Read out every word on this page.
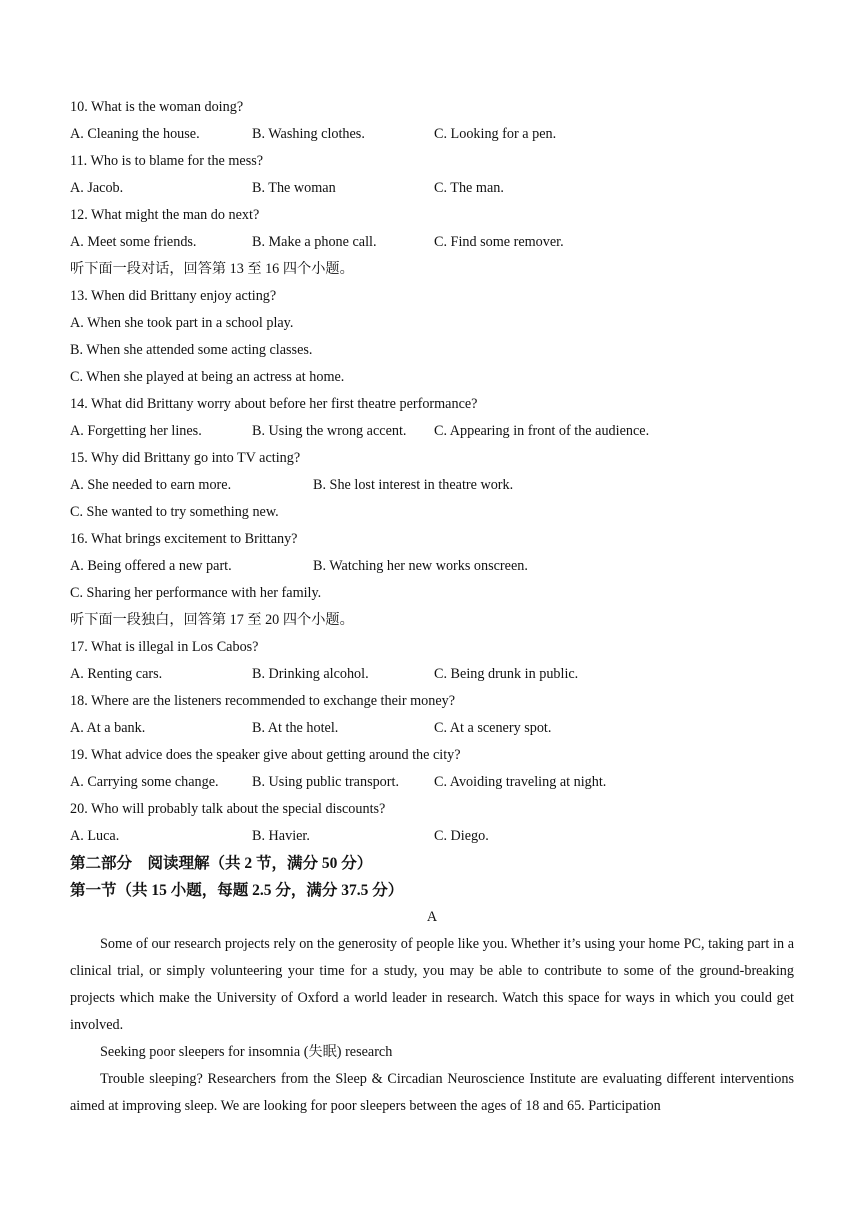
10. What is the woman doing?
A. Cleaning the house.	B. Washing clothes.	C. Looking for a pen.
11. Who is to blame for the mess?
A. Jacob.	B. The woman	C. The man.
12. What might the man do next?
A. Meet some friends.	B. Make a phone call.	C. Find some remover.
听下面一段对话，回答第 13 至 16 四个小题。
13. When did Brittany enjoy acting?
A. When she took part in a school play.
B. When she attended some acting classes.
C. When she played at being an actress at home.
14. What did Brittany worry about before her first theatre performance?
A. Forgetting her lines.	B. Using the wrong accent. C. Appearing in front of the audience.
15. Why did Brittany go into TV acting?
A. She needed to earn more.	B. She lost interest in theatre work.
C. She wanted to try something new.
16. What brings excitement to Brittany?
A. Being offered a new part.	B. Watching her new works onscreen.
C. Sharing her performance with her family.
听下面一段独白，回答第 17 至 20 四个小题。
17. What is illegal in Los Cabos?
A. Renting cars.	B. Drinking alcohol.	C. Being drunk in public.
18. Where are the listeners recommended to exchange their money?
A. At a bank.	B. At the hotel.	C. At a scenery spot.
19. What advice does the speaker give about getting around the city?
A. Carrying some change. B. Using public transport. C. Avoiding traveling at night.
20. Who will probably talk about the special discounts?
A. Luca.	B. Havier.	C. Diego.
第二部分　阅读理解（共 2 节，满分 50 分）
第一节（共 15 小题，每题 2.5 分，满分 37.5 分）
A

Some of our research projects rely on the generosity of people like you. Whether it’s using your home PC, taking part in a clinical trial, or simply volunteering your time for a study, you may be able to contribute to some of the ground-breaking projects which make the University of Oxford a world leader in research. Watch this space for ways in which you could get involved.

Seeking poor sleepers for insomnia (失眠) research

Trouble sleeping? Researchers from the Sleep & Circadian Neuroscience Institute are evaluating different interventions aimed at improving sleep. We are looking for poor sleepers between the ages of 18 and 65. Participation
